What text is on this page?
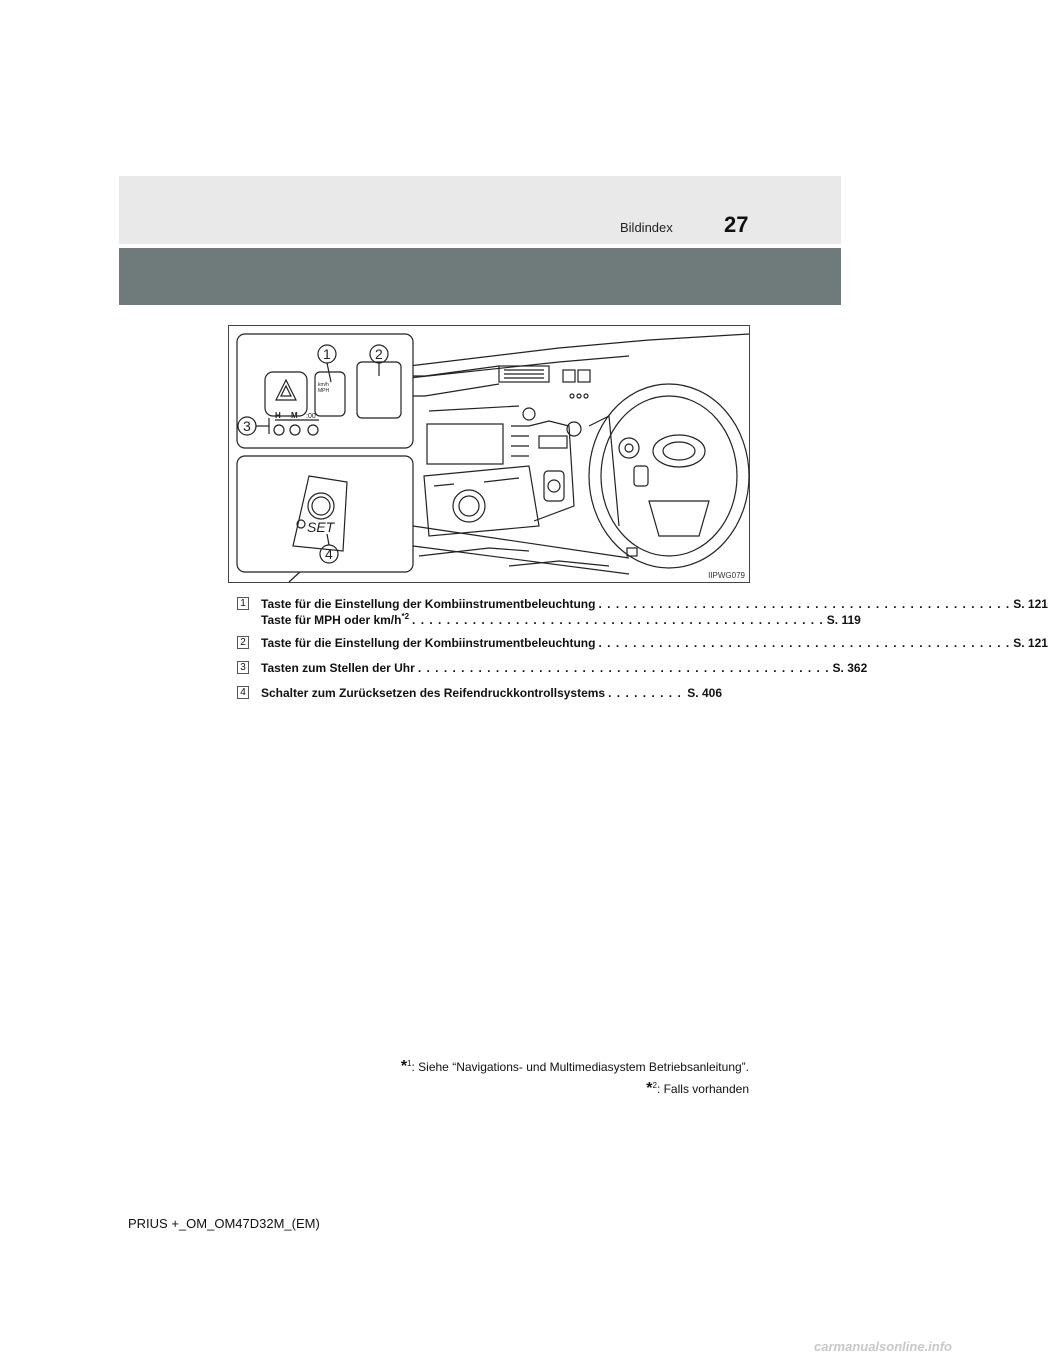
Bildindex 27
1	2
3
4
km/h
MPH
H M :00
SET
IIPWG079
1 Taste für die Einstellung der Kombiinstrumentbeleuchtung . . . . . . . . . . . . . . . . . . . . . . . . . . . . . . . . . . . . . . . . . . . . . . . . S. 121
Taste für MPH oder $km/h^{*2}$ . . . . . . . . . . . . . . . . . . . . . . . . . . . . . . . . . . . . . . . . . . . . . . . . S. 119
2 Taste für die Einstellung der Kombiinstrumentbeleuchtung . . . . . . . . . . . . . . . . . . . . . . . . . . . . . . . . . . . . . . . . . . . . . . . . S. 121
3 Tasten zum Stellen der Uhr . . . . . . . . . . . . . . . . . . . . . . . . . . . . . . . . . . . . . . . . . . . . . . . . S. 362
4 Schalter zum Zurücksetzen des Reifendruckkontrollsystems . . . . . . . . . S. 406
*$^1$: Siehe “Navigations- und Multimediasystem Betriebsanleitung”.
*$^2$: Falls vorhanden
PRIUS +_OM_OM47D32M_(EM)
carmanualsonline.info
